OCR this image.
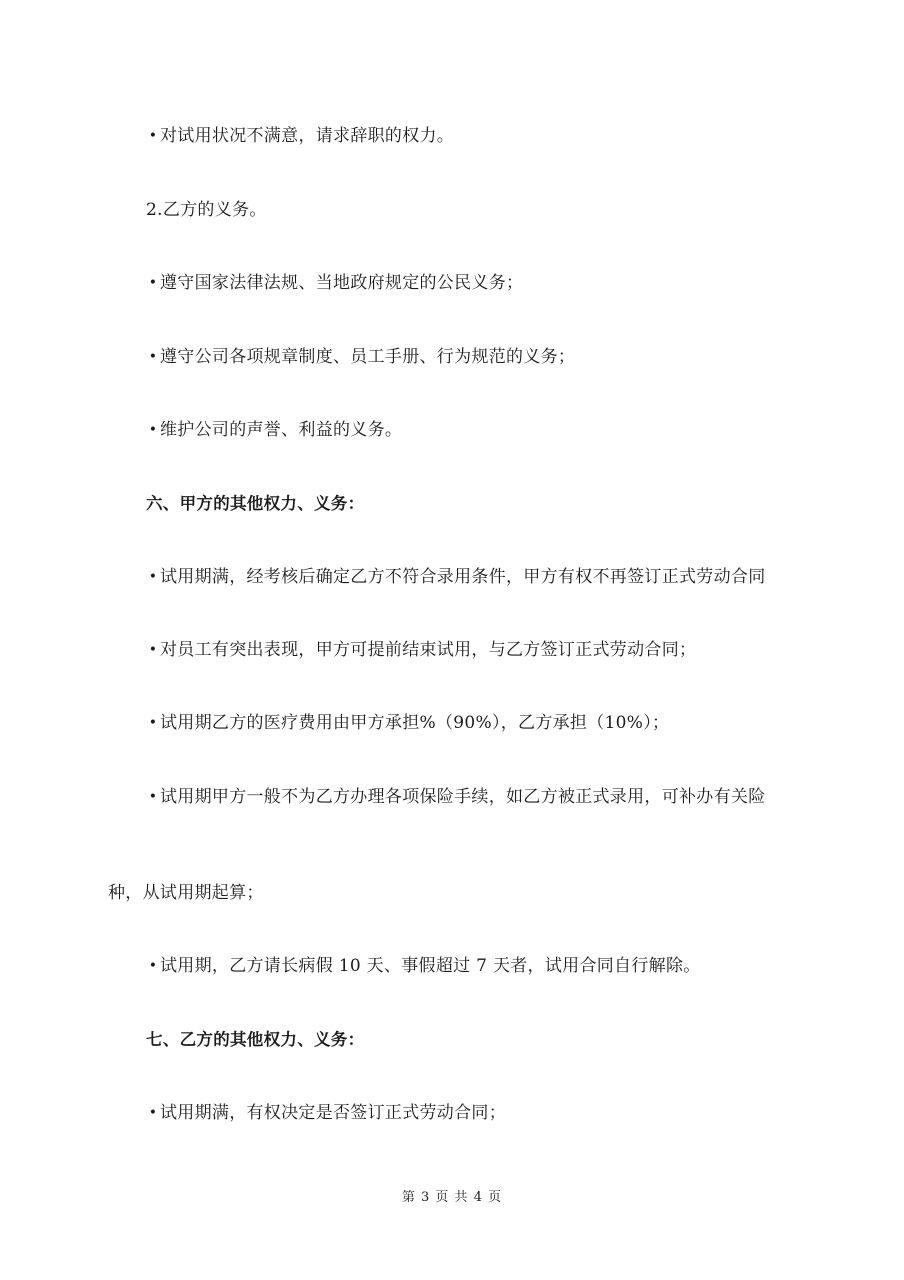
• 对试用状况不满意，请求辞职的权力。
2.乙方的义务。
• 遵守国家法律法规、当地政府规定的公民义务；
• 遵守公司各项规章制度、员工手册、行为规范的义务；
• 维护公司的声誉、利益的义务。
六、甲方的其他权力、义务：
• 试用期满，经考核后确定乙方不符合录用条件，甲方有权不再签订正式劳动合同
• 对员工有突出表现，甲方可提前结束试用，与乙方签订正式劳动合同；
• 试用期乙方的医疗费用由甲方承担%（90%），乙方承担（10%）；
• 试用期甲方一般不为乙方办理各项保险手续，如乙方被正式录用，可补办有关险
种，从试用期起算；
• 试用期，乙方请长病假 10 天、事假超过 7 天者，试用合同自行解除。
七、乙方的其他权力、义务：
• 试用期满，有权决定是否签订正式劳动合同；
第 3 页 共 4 页
